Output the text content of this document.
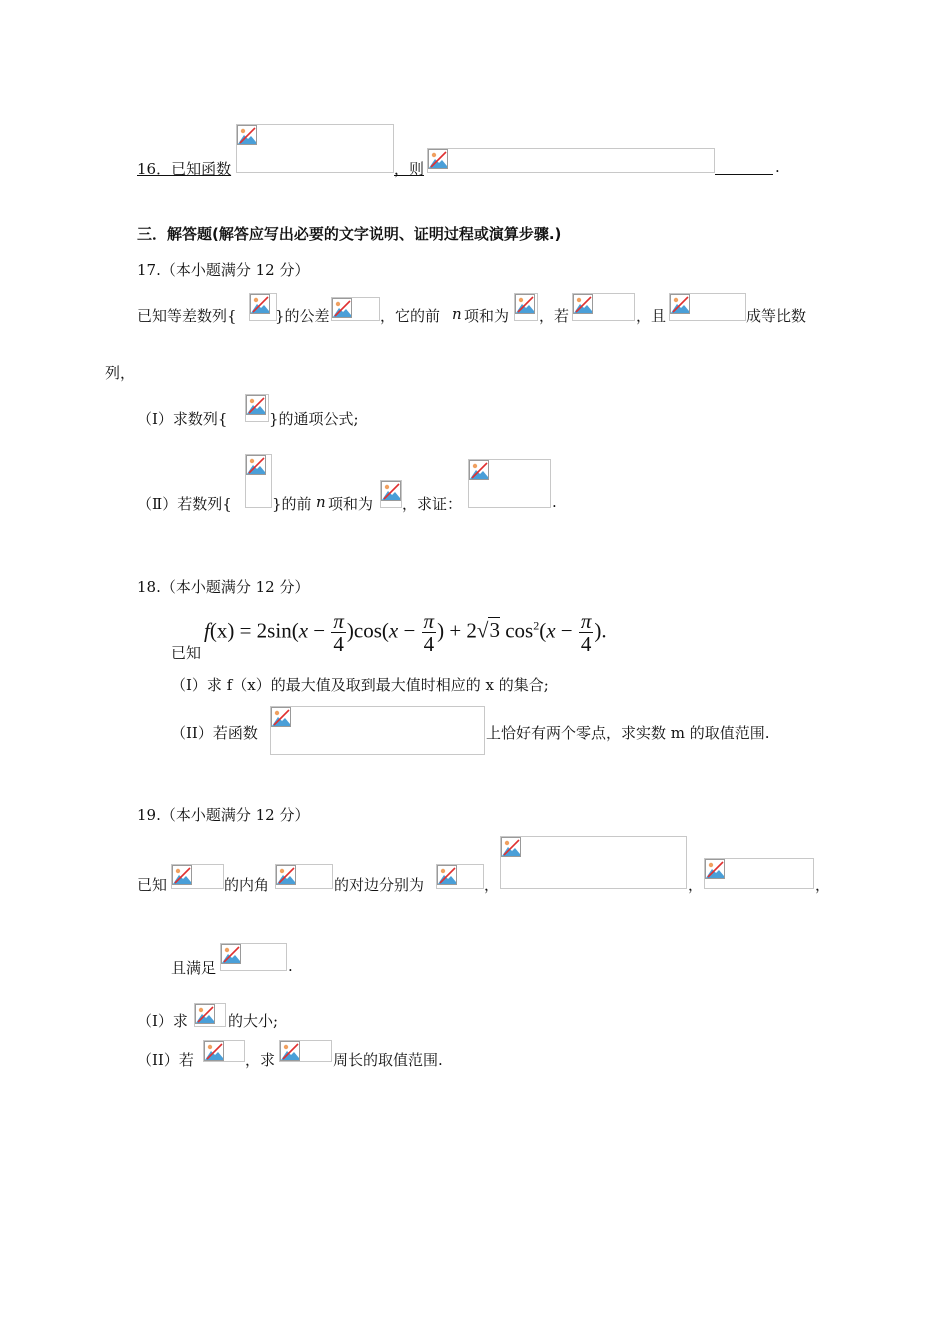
16．已知函数	，则	.
三．解答题(解答应写出必要的文字说明、证明过程或演算步骤.)
17.（本小题满分 12 分）
已知等差数列{	}的公差	，它的前 n 项和为 ，若	，且	成等比数
列，
（Ⅰ）求数列{	}的通项公式;
（Ⅱ）若数列{	}的前 n 项和为 ，求证：	.
18.（本小题满分 12 分）
已知
$f(x) = 2\sin(x - \frac{\pi}{4} )\cos(x - \frac{\pi}{4}$ ) + 2√3 $\cos^2(x - \frac{\pi}{4}$ ).
（I）求 f（x）的最大值及取到最大值时相应的 x 的集合;
（II）若函数	上恰好有两个零点，求实数 m 的取值范围.
19.（本小题满分 12 分）
已知	的内角	的对边分别为	，	，	，
且满足	.
（I）求	的大小;
（II）若	，求	周长的取值范围.
